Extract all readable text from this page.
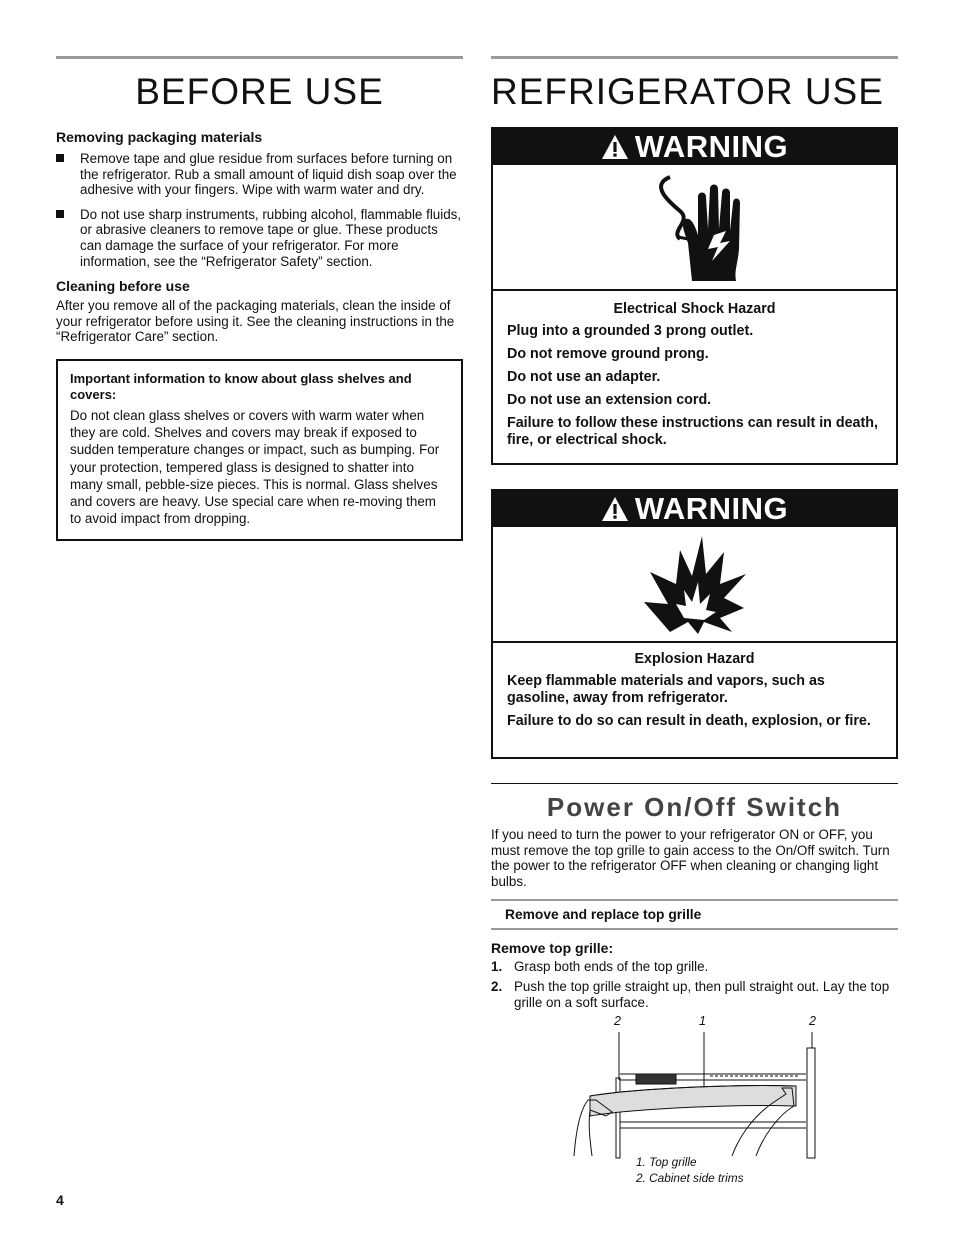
BEFORE USE

Removing packaging materials

Remove tape and glue residue from surfaces before turning on the refrigerator. Rub a small amount of liquid dish soap over the adhesive with your fingers. Wipe with warm water and dry.
Do not use sharp instruments, rubbing alcohol, flammable fluids, or abrasive cleaners to remove tape or glue. These products can damage the surface of your refrigerator. For more information, see the “Refrigerator Safety” section.

Cleaning before use

After you remove all of the packaging materials, clean the inside of your refrigerator before using it. See the cleaning instructions in the “Refrigerator Care” section.

Important information to know about glass shelves and covers:

Do not clean glass shelves or covers with warm water when they are cold. Shelves and covers may break if exposed to sudden temperature changes or impact, such as bumping. For your protection, tempered glass is designed to shatter into many small, pebble-size pieces. This is normal. Glass shelves and covers are heavy. Use special care when re-moving them to avoid impact from dropping.

REFRIGERATOR USE
WARNING

Electrical Shock Hazard

Plug into a grounded 3 prong outlet.

Do not remove ground prong.

Do not use an adapter.

Do not use an extension cord.

Failure to follow these instructions can result in death, fire, or electrical shock.

WARNING

Explosion Hazard

Keep flammable materials and vapors, such as gasoline, away from refrigerator.

Failure to do so can result in death, explosion, or fire.

Power On/Off Switch

If you need to turn the power to your refrigerator ON or OFF, you must remove the top grille to gain access to the On/Off switch. Turn the power to the refrigerator OFF when cleaning or changing light bulbs.

Remove and replace top grille

Remove top grille:

1. Grasp both ends of the top grille.
2. Push the top grille straight up, then pull straight out. Lay the top grille on a soft surface.
2	1	2
1. Top grille
2. Cabinet side trims
4
